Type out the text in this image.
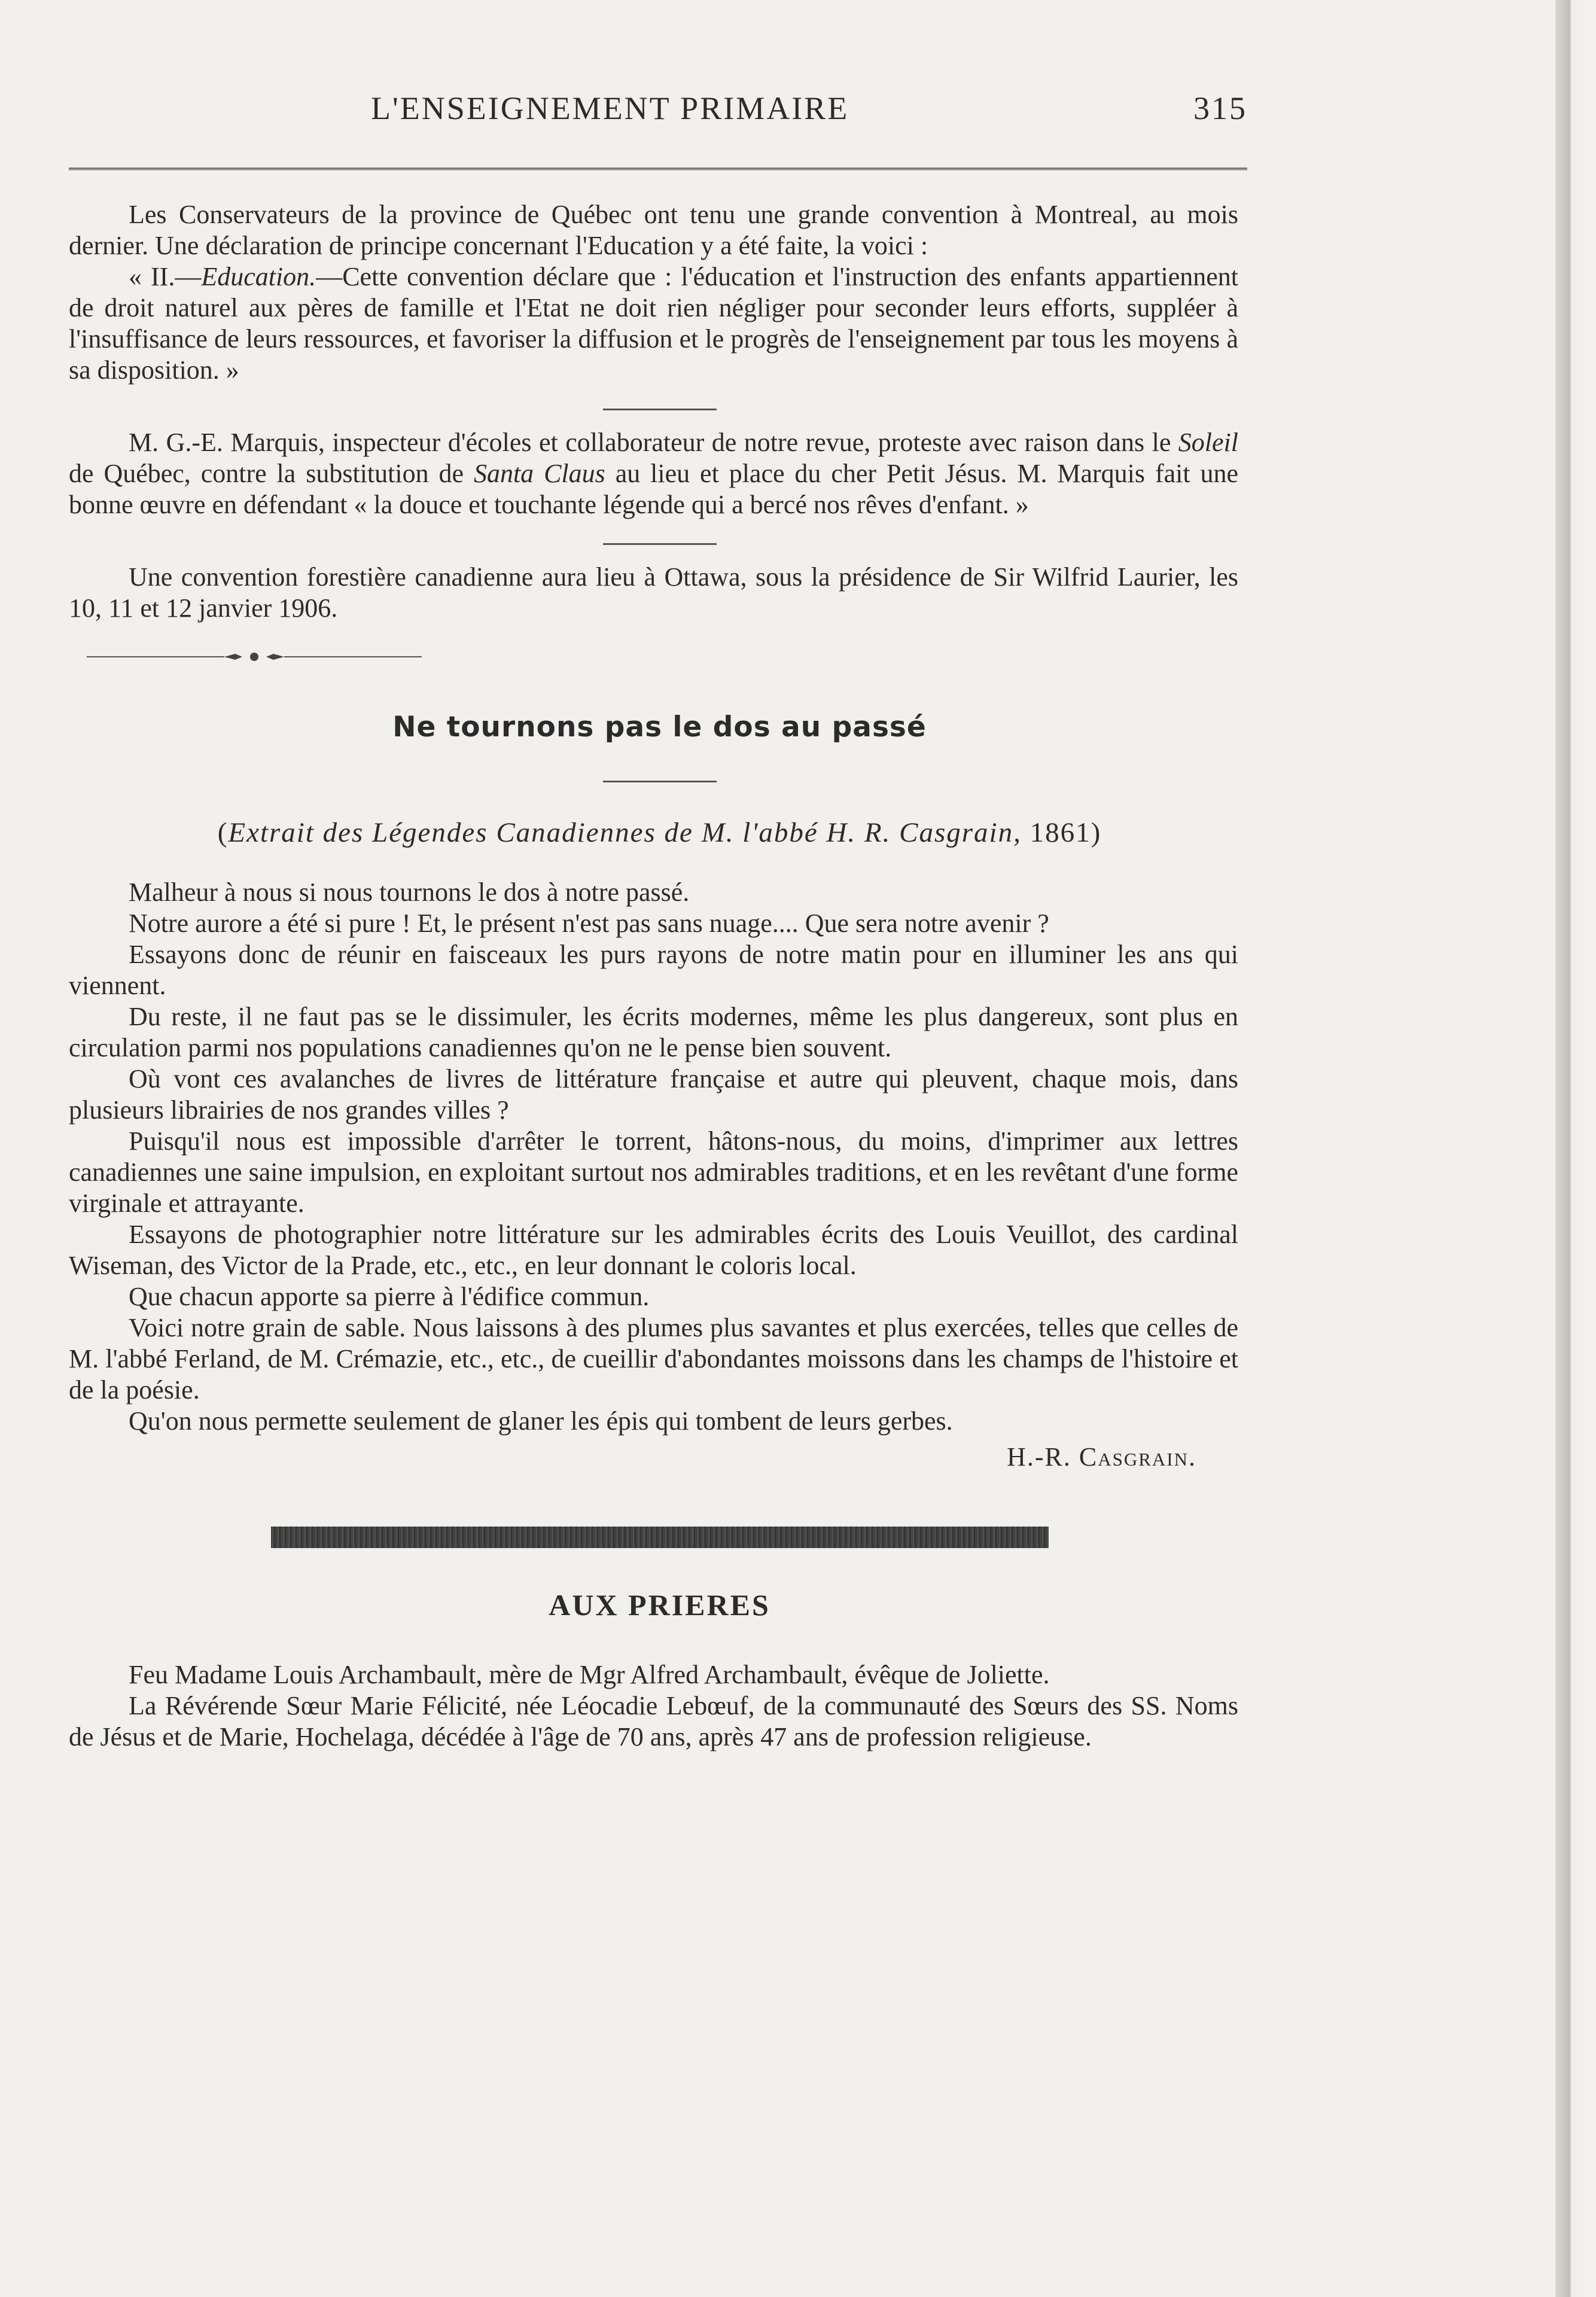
L'ENSEIGNEMENT PRIMAIRE	315

Les Conservateurs de la province de Québec ont tenu une grande convention à Montreal, au mois dernier. Une déclaration de principe concernant l'Education y a été faite, la voici :

« II.—Education.—Cette convention déclare que : l'éducation et l'instruction des enfants appartiennent de droit naturel aux pères de famille et l'Etat ne doit rien négliger pour seconder leurs efforts, suppléer à l'insuffisance de leurs ressources, et favoriser la diffusion et le progrès de l'enseignement par tous les moyens à sa disposition. »

M. G.-E. Marquis, inspecteur d'écoles et collaborateur de notre revue, proteste avec raison dans le Soleil de Québec, contre la substitution de Santa Claus au lieu et place du cher Petit Jésus. M. Marquis fait une bonne œuvre en défendant « la douce et touchante légende qui a bercé nos rêves d'enfant. »

Une convention forestière canadienne aura lieu à Ottawa, sous la présidence de Sir Wilfrid Laurier, les 10, 11 et 12 janvier 1906.

Ne tournons pas le dos au passé

(Extrait des Légendes Canadiennes de M. l'abbé H. R. Casgrain, 1861)

Malheur à nous si nous tournons le dos à notre passé.

Notre aurore a été si pure ! Et, le présent n'est pas sans nuage.... Que sera notre avenir ?

Essayons donc de réunir en faisceaux les purs rayons de notre matin pour en illuminer les ans qui viennent.

Du reste, il ne faut pas se le dissimuler, les écrits modernes, même les plus dangereux, sont plus en circulation parmi nos populations canadiennes qu'on ne le pense bien souvent.

Où vont ces avalanches de livres de littérature française et autre qui pleuvent, chaque mois, dans plusieurs librairies de nos grandes villes ?

Puisqu'il nous est impossible d'arrêter le torrent, hâtons-nous, du moins, d'imprimer aux lettres canadiennes une saine impulsion, en exploitant surtout nos admirables traditions, et en les revêtant d'une forme virginale et attrayante.

Essayons de photographier notre littérature sur les admirables écrits des Louis Veuillot, des cardinal Wiseman, des Victor de la Prade, etc., etc., en leur donnant le coloris local.

Que chacun apporte sa pierre à l'édifice commun.

Voici notre grain de sable. Nous laissons à des plumes plus savantes et plus exercées, telles que celles de M. l'abbé Ferland, de M. Crémazie, etc., etc., de cueillir d'abondantes moissons dans les champs de l'histoire et de la poésie.

Qu'on nous permette seulement de glaner les épis qui tombent de leurs gerbes.

H.-R. Casgrain.

AUX PRIERES

Feu Madame Louis Archambault, mère de Mgr Alfred Archambault, évêque de Joliette.

La Révérende Sœur Marie Félicité, née Léocadie Lebœuf, de la communauté des Sœurs des SS. Noms de Jésus et de Marie, Hochelaga, décédée à l'âge de 70 ans, après 47 ans de profession religieuse.
